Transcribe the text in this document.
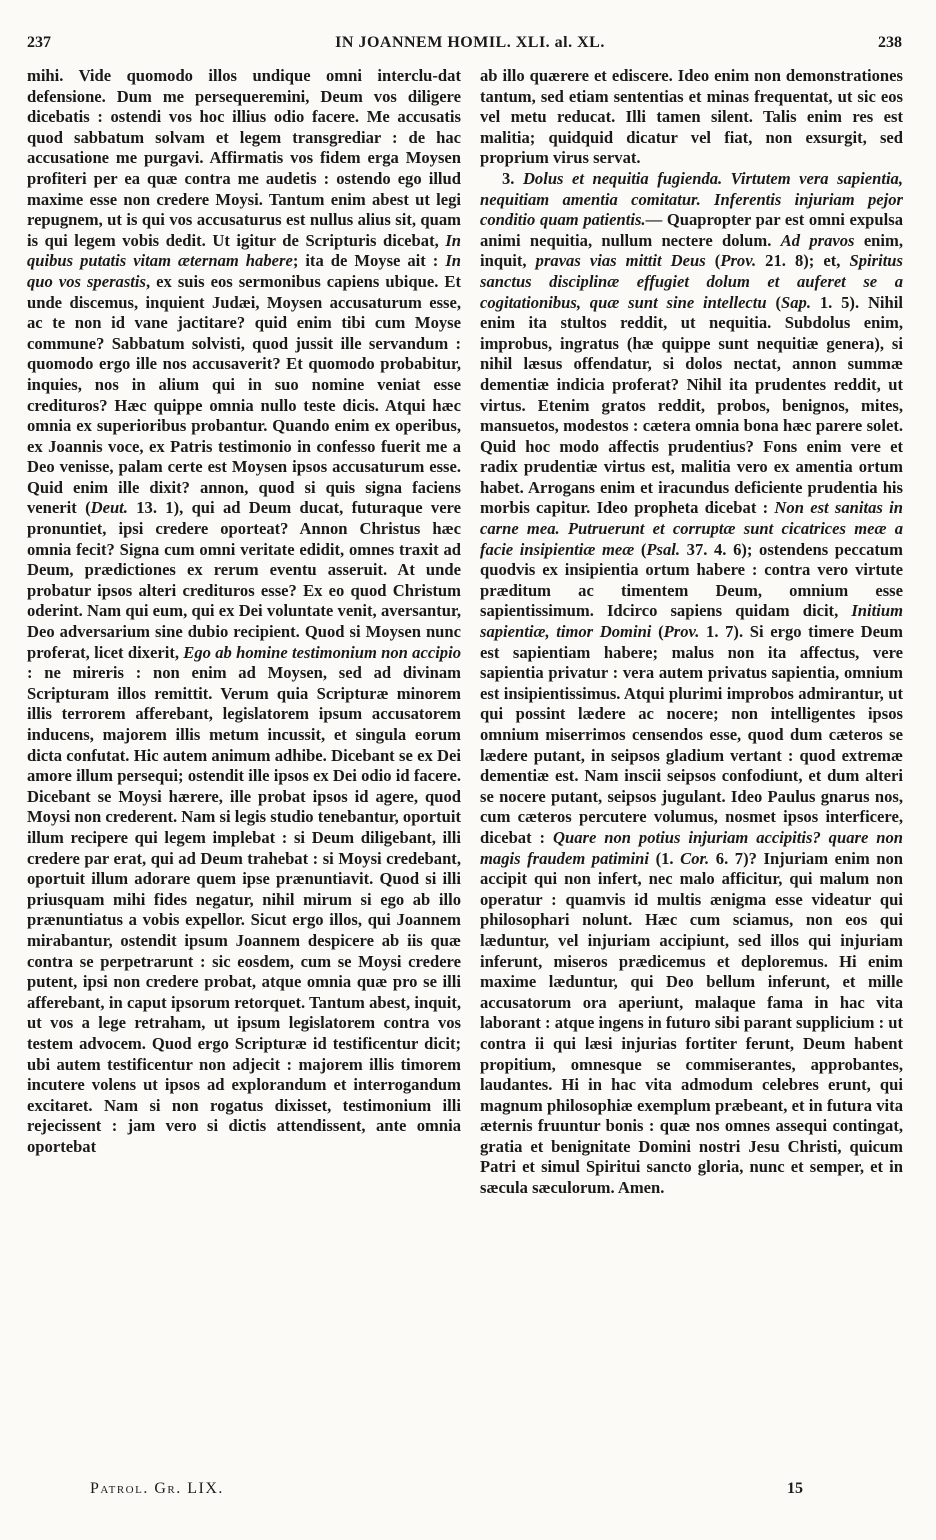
237	IN JOANNEM HOMIL. XLI. al. XL.	238

mihi. Vide quomodo illos undique omni interclu-dat defensione. Dum me persequeremini, Deum vos diligere dicebatis : ostendi vos hoc illius odio facere. Me accusatis quod sabbatum solvam et legem transgrediar : de hac accusatione me purgavi. Affirmatis vos fidem erga Moysen profiteri per ea quæ contra me audetis : ostendo ego illud maxime esse non credere Moysi. Tantum enim abest ut legi repugnem, ut is qui vos accusaturus est nullus alius sit, quam is qui legem vobis dedit. Ut igitur de Scripturis dicebat, In quibus putatis vitam æternam habere; ita de Moyse ait : In quo vos sperastis, ex suis eos sermonibus capiens ubique. Et unde discemus, inquient Judæi, Moysen accusaturum esse, ac te non id vane jactitare? quid enim tibi cum Moyse commune? Sabbatum solvisti, quod jussit ille servandum : quomodo ergo ille nos accusaverit? Et quomodo probabitur, inquies, nos in alium qui in suo nomine veniat esse credituros? Hæc quippe omnia nullo teste dicis. Atqui hæc omnia ex superioribus probantur. Quando enim ex operibus, ex Joannis voce, ex Patris testimonio in confesso fuerit me a Deo venisse, palam certe est Moysen ipsos accusaturum esse. Quid enim ille dixit? annon, quod si quis signa faciens venerit (Deut. 13. 1), qui ad Deum ducat, futuraque vere pronuntiet, ipsi credere oporteat? Annon Christus hæc omnia fecit? Signa cum omni veritate edidit, omnes traxit ad Deum, prædictiones ex rerum eventu asseruit. At unde probatur ipsos alteri credituros esse? Ex eo quod Christum oderint. Nam qui eum, qui ex Dei voluntate venit, aversantur, Deo adversarium sine dubio recipient. Quod si Moysen nunc proferat, licet dixerit, Ego ab homine testimonium non accipio : ne mireris : non enim ad Moysen, sed ad divinam Scripturam illos remittit. Verum quia Scripturæ minorem illis terrorem afferebant, legislatorem ipsum accusatorem inducens, majorem illis metum incussit, et singula eorum dicta confutat. Hic autem animum adhibe. Dicebant se ex Dei amore illum persequi; ostendit ille ipsos ex Dei odio id facere. Dicebant se Moysi hærere, ille probat ipsos id agere, quod Moysi non crederent. Nam si legis studio tenebantur, oportuit illum recipere qui legem implebat : si Deum diligebant, illi credere par erat, qui ad Deum trahebat : si Moysi credebant, oportuit illum adorare quem ipse prænuntiavit. Quod si illi priusquam mihi fides negatur, nihil mirum si ego ab illo prænuntiatus a vobis expellor. Sicut ergo illos, qui Joannem mirabantur, ostendit ipsum Joannem despicere ab iis quæ contra se perpetrarunt : sic eosdem, cum se Moysi credere putent, ipsi non credere probat, atque omnia quæ pro se illi afferebant, in caput ipsorum retorquet. Tantum abest, inquit, ut vos a lege retraham, ut ipsum legislatorem contra vos testem advocem. Quod ergo Scripturæ id testificentur dicit; ubi autem testificentur non adjecit : majorem illis timorem incutere volens ut ipsos ad explorandum et interrogandum excitaret. Nam si non rogatus dixisset, testimonium illi rejecissent : jam vero si dictis attendissent, ante omnia oportebat

ab illo quærere et ediscere. Ideo enim non demonstrationes tantum, sed etiam sententias et minas frequentat, ut sic eos vel metu reducat. Illi tamen silent. Talis enim res est malitia; quidquid dicatur vel fiat, non exsurgit, sed proprium virus servat.

3. Dolus et nequitia fugienda. Virtutem vera sapientia, nequitiam amentia comitatur. Inferentis injuriam pejor conditio quam patientis.— Quapropter par est omni expulsa animi nequitia, nullum nectere dolum. Ad pravos enim, inquit, pravas vias mittit Deus (Prov. 21. 8); et, Spiritus sanctus disciplinæ effugiet dolum et auferet se a cogitationibus, quæ sunt sine intellectu (Sap. 1. 5). Nihil enim ita stultos reddit, ut nequitia. Subdolus enim, improbus, ingratus (hæ quippe sunt nequitiæ genera), si nihil læsus offendatur, si dolos nectat, annon summæ dementiæ indicia proferat? Nihil ita prudentes reddit, ut virtus. Etenim gratos reddit, probos, benignos, mites, mansuetos, modestos : cætera omnia bona hæc parere solet. Quid hoc modo affectis prudentius? Fons enim vere et radix prudentiæ virtus est, malitia vero ex amentia ortum habet. Arrogans enim et iracundus deficiente prudentia his morbis capitur. Ideo propheta dicebat : Non est sanitas in carne mea. Putruerunt et corruptæ sunt cicatrices meæ a facie insipientiæ meæ (Psal. 37. 4. 6); ostendens peccatum quodvis ex insipientia ortum habere : contra vero virtute præditum ac timentem Deum, omnium esse sapientissimum. Idcirco sapiens quidam dicit, Initium sapientiæ, timor Domini (Prov. 1. 7). Si ergo timere Deum est sapientiam habere; malus non ita affectus, vere sapientia privatur : vera autem privatus sapientia, omnium est insipientissimus. Atqui plurimi improbos admirantur, ut qui possint lædere ac nocere; non intelligentes ipsos omnium miserrimos censendos esse, quod dum cæteros se lædere putant, in seipsos gladium vertant : quod extremæ dementiæ est. Nam inscii seipsos confodiunt, et dum alteri se nocere putant, seipsos jugulant. Ideo Paulus gnarus nos, cum cæteros percutere volumus, nosmet ipsos interficere, dicebat : Quare non potius injuriam accipitis? quare non magis fraudem patimini (1. Cor. 6. 7)? Injuriam enim non accipit qui non infert, nec malo afficitur, qui malum non operatur : quamvis id multis ænigma esse videatur qui philosophari nolunt. Hæc cum sciamus, non eos qui læduntur, vel injuriam accipiunt, sed illos qui injuriam inferunt, miseros prædicemus et deploremus. Hi enim maxime læduntur, qui Deo bellum inferunt, et mille accusatorum ora aperiunt, malaque fama in hac vita laborant : atque ingens in futuro sibi parant supplicium : ut contra ii qui læsi injurias fortiter ferunt, Deum habent propitium, omnesque se commiserantes, approbantes, laudantes. Hi in hac vita admodum celebres erunt, qui magnum philosophiæ exemplum præbeant, et in futura vita æternis fruuntur bonis : quæ nos omnes assequi contingat, gratia et benignitate Domini nostri Jesu Christi, quicum Patri et simul Spiritui sancto gloria, nunc et semper, et in sæcula sæculorum. Amen.

Patrol. Gr. LIX.	15
